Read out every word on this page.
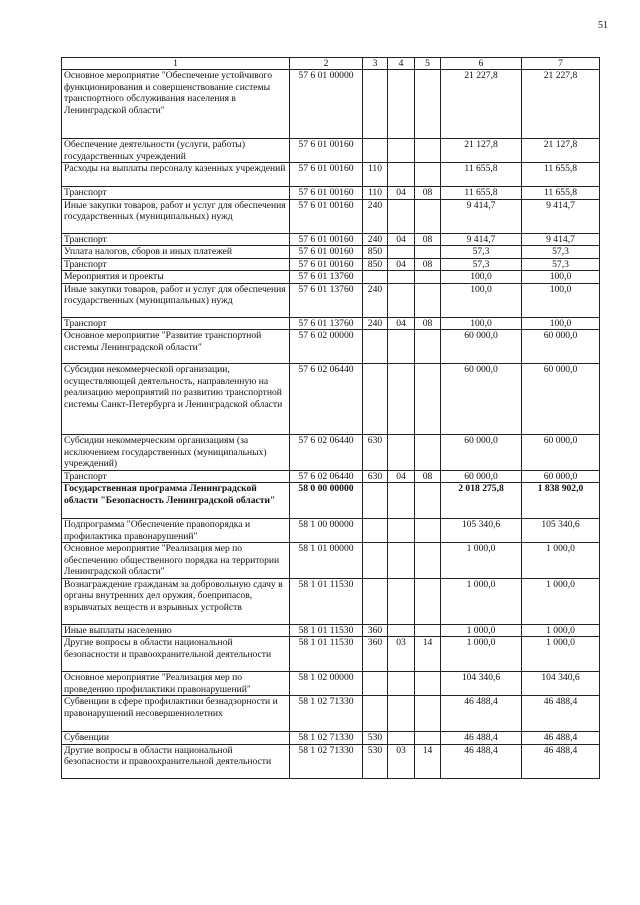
51
1	2	3	4	5	6	7
Основное мероприятие "Обеспечение устойчивого функционирования и совершенствование системы транспортного обслуживания населения в Ленинградской области"	57 6 01 00000				21 227,8	21 227,8
Обеспечение деятельности (услуги, работы) государственных учреждений	57 6 01 00160				21 127,8	21 127,8
Расходы на выплаты персоналу казенных учреждений	57 6 01 00160	110			11 655,8	11 655,8
Транспорт	57 6 01 00160	110	04	08	11 655,8	11 655,8
Иные закупки товаров, работ и услуг для обеспечения государственных (муниципальных) нужд	57 6 01 00160	240			9 414,7	9 414,7
Транспорт	57 6 01 00160	240	04	08	9 414,7	9 414,7
Уплата налогов, сборов и иных платежей	57 6 01 00160	850			57,3	57,3
Транспорт	57 6 01 00160	850	04	08	57,3	57,3
Мероприятия и проекты	57 6 01 13760				100,0	100,0
Иные закупки товаров, работ и услуг для обеспечения государственных (муниципальных) нужд	57 6 01 13760	240			100,0	100,0
Транспорт	57 6 01 13760	240	04	08	100,0	100,0
Основное мероприятие "Развитие транспортной системы Ленинградской области"	57 6 02 00000				60 000,0	60 000,0
Субсидии некоммерческой организации, осуществляющей деятельность, направленную на реализацию мероприятий по развитию транспортной системы Санкт-Петербурга и Ленинградской области	57 6 02 06440				60 000,0	60 000,0
Субсидии некоммерческим организациям (за исключением государственных (муниципальных) учреждений)	57 6 02 06440	630			60 000,0	60 000,0
Транспорт	57 6 02 06440	630	04	08	60 000,0	60 000,0
Государственная программа Ленинградской области "Безопасность Ленинградской области"	58 0 00 00000				2 018 275,8	1 838 902,0
Подпрограмма "Обеспечение правопорядка и профилактика правонарушений"	58 1 00 00000				105 340,6	105 340,6
Основное мероприятие "Реализация мер по обеспечению общественного порядка на территории Ленинградской области"	58 1 01 00000				1 000,0	1 000,0
Вознаграждение гражданам за добровольную сдачу в органы внутренних дел оружия, боеприпасов, взрывчатых веществ и взрывных устройств	58 1 01 11530				1 000,0	1 000,0
Иные выплаты населению	58 1 01 11530	360			1 000,0	1 000,0
Другие вопросы в области национальной безопасности и правоохранительной деятельности	58 1 01 11530	360	03	14	1 000,0	1 000,0
Основное мероприятие "Реализация мер по проведению профилактики правонарушений"	58 1 02 00000				104 340,6	104 340,6
Субвенции в сфере профилактики безнадзорности и правонарушений несовершеннолетних	58 1 02 71330				46 488,4	46 488,4
Субвенции	58 1 02 71330	530			46 488,4	46 488,4
Другие вопросы в области национальной безопасности и правоохранительной деятельности	58 1 02 71330	530	03	14	46 488,4	46 488,4
